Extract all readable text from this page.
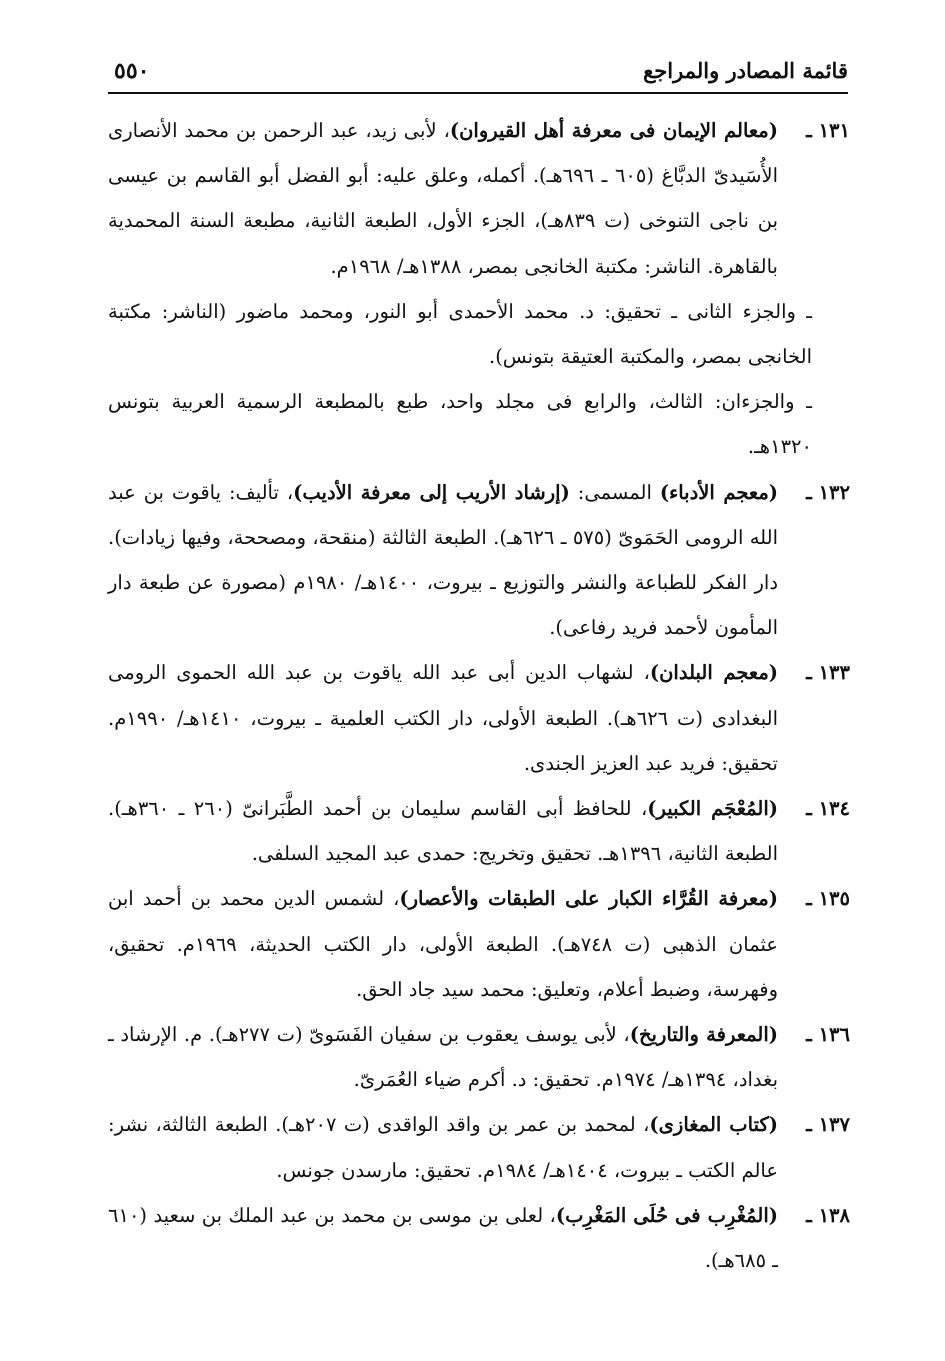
قائمة المصادر والمراجع
٥٥٠
١٣١ ـ
(معالم الإيمان فى معرفة أهل القيروان)، لأبى زيد، عبد الرحمن بن محمد الأنصارى الأُسَيدىّ الدبَّاغ (٦٠٥ ـ ٦٩٦هـ). أكمله، وعلق عليه: أبو الفضل أبو القاسم بن عيسى بن ناجى التنوخى (ت ٨٣٩هـ)، الجزء الأول، الطبعة الثانية، مطبعة السنة المحمدية بالقاهرة. الناشر: مكتبة الخانجى بمصر، ١٣٨٨هـ/ ١٩٦٨م.
ـ والجزء الثانى ـ تحقيق: د. محمد الأحمدى أبو النور، ومحمد ماضور (الناشر: مكتبة الخانجى بمصر، والمكتبة العتيقة بتونس).
ـ والجزءان: الثالث، والرابع فى مجلد واحد، طبع بالمطبعة الرسمية العربية بتونس ١٣٢٠هـ.
١٣٢ ـ
(معجم الأدباء) المسمى: (إرشاد الأريب إلى معرفة الأديب)، تأليف: ياقوت بن عبد الله الرومى الحَمَوىّ (٥٧٥ ـ ٦٢٦هـ). الطبعة الثالثة (منقحة، ومصححة، وفيها زيادات). دار الفكر للطباعة والنشر والتوزيع ـ بيروت، ١٤٠٠هـ/ ١٩٨٠م (مصورة عن طبعة دار المأمون لأحمد فريد رفاعى).
١٣٣ ـ
(معجم البلدان)، لشهاب الدين أبى عبد الله ياقوت بن عبد الله الحموى الرومى البغدادى (ت ٦٢٦هـ). الطبعة الأولى، دار الكتب العلمية ـ بيروت، ١٤١٠هـ/ ١٩٩٠م. تحقيق: فريد عبد العزيز الجندى.
١٣٤ ـ
(المُعْجَم الكبير)، للحافظ أبى القاسم سليمان بن أحمد الطَّبَرانىّ (٢٦٠ ـ ٣٦٠هـ). الطبعة الثانية، ١٣٩٦هـ. تحقيق وتخريج: حمدى عبد المجيد السلفى.
١٣٥ ـ
(معرفة القُرَّاء الكبار على الطبقات والأعصار)، لشمس الدين محمد بن أحمد ابن عثمان الذهبى (ت ٧٤٨هـ). الطبعة الأولى، دار الكتب الحديثة، ١٩٦٩م. تحقيق، وفهرسة، وضبط أعلام، وتعليق: محمد سيد جاد الحق.
١٣٦ ـ
(المعرفة والتاريخ)، لأبى يوسف يعقوب بن سفيان الفَسَوىّ (ت ٢٧٧هـ). م. الإرشاد ـ بغداد، ١٣٩٤هـ/ ١٩٧٤م. تحقيق: د. أكرم ضياء العُمَرىّ.
١٣٧ ـ
(كتاب المغازى)، لمحمد بن عمر بن واقد الواقدى (ت ٢٠٧هـ). الطبعة الثالثة، نشر: عالم الكتب ـ بيروت، ١٤٠٤هـ/ ١٩٨٤م. تحقيق: مارسدن جونس.
١٣٨ ـ
(المُغْرِب فى حُلَى المَغْرِب)، لعلى بن موسى بن محمد بن عبد الملك بن سعيد (٦١٠ ـ ٦٨٥هـ).
